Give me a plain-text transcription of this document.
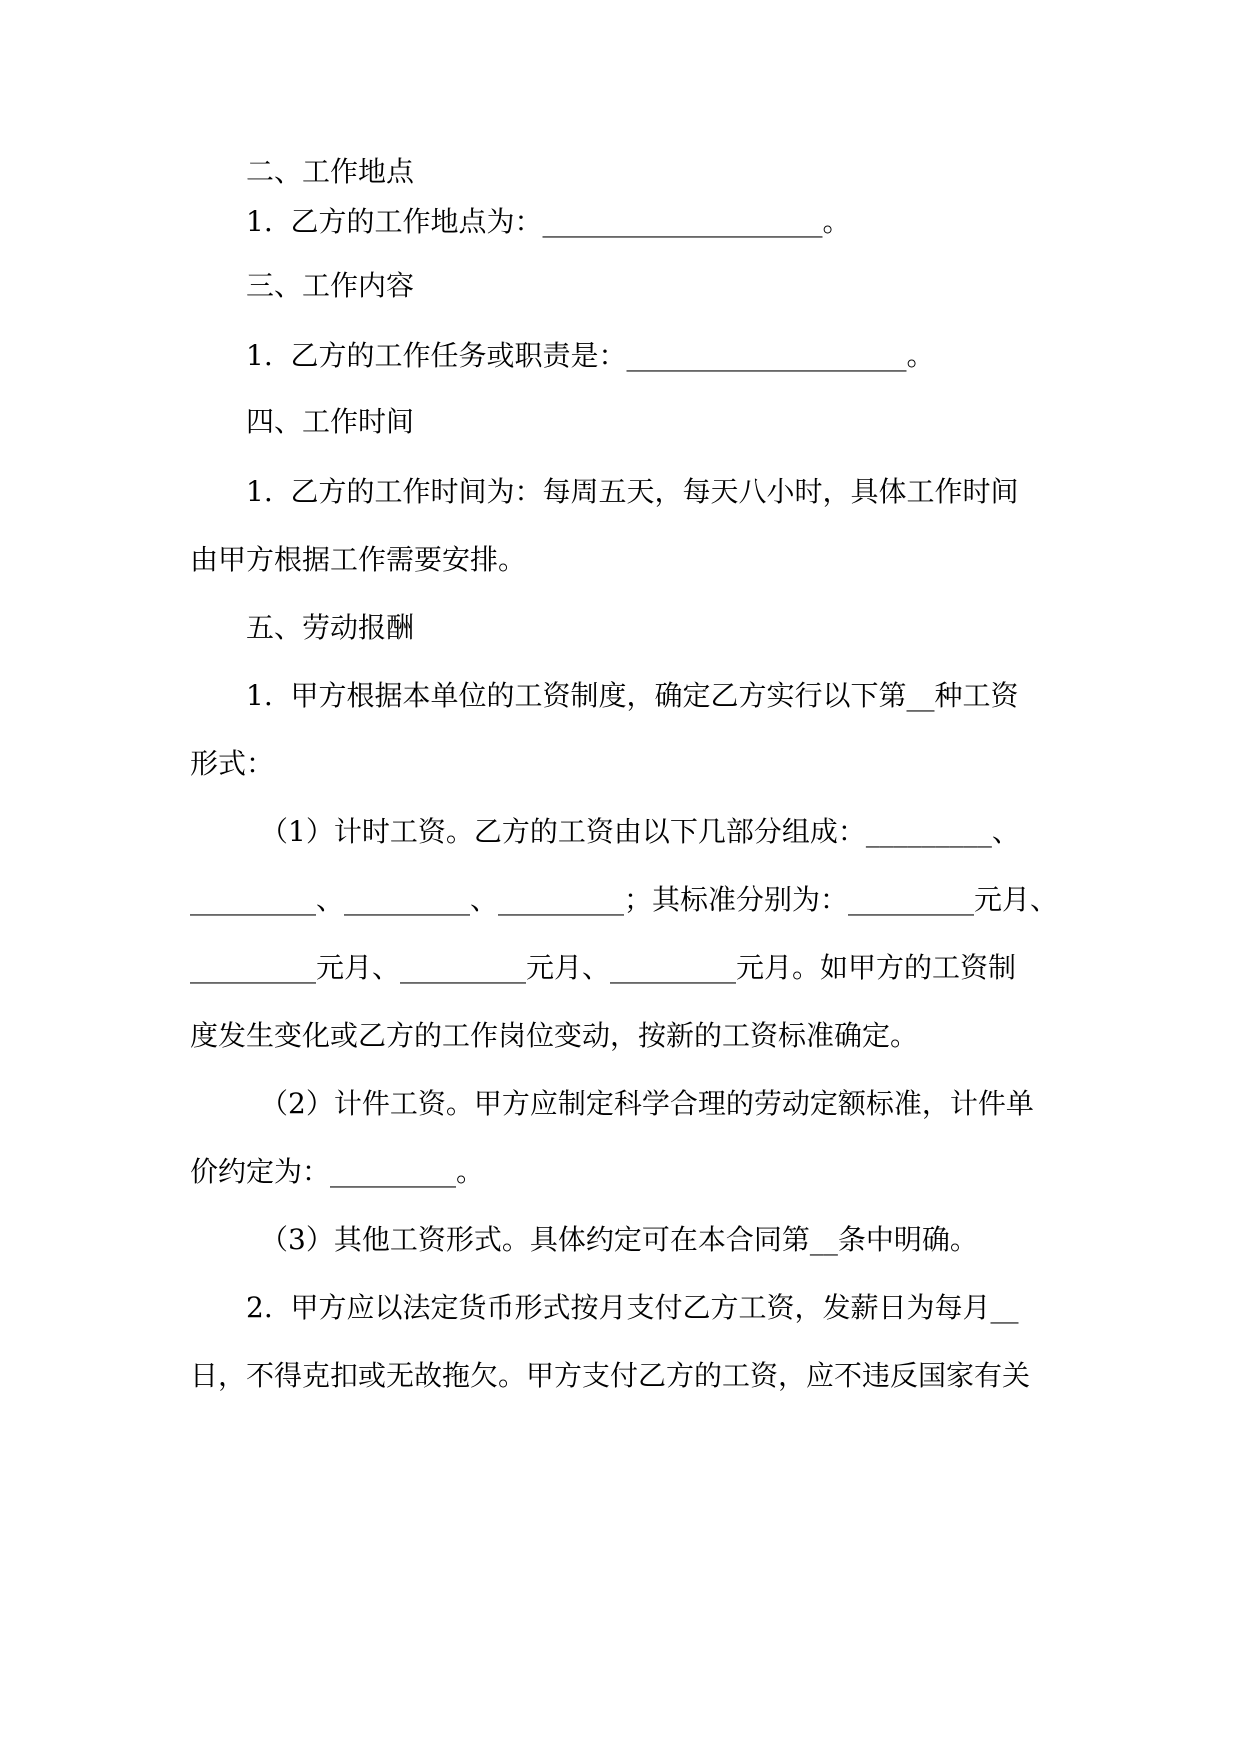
二、工作地点
1.  乙方的工作地点为：____________________。
三、工作内容
1.  乙方的工作任务或职责是：____________________。
四、工作时间
1.  乙方的工作时间为：每周五天，每天八小时，具体工作时间
由甲方根据工作需要安排。
五、劳动报酬
1.  甲方根据本单位的工资制度，确定乙方实行以下第__种工资
形式：
（1）计时工资。乙方的工资由以下几部分组成：_________、
_________、_________、_________；其标准分别为：_________元月、
_________元月、_________元月、_________元月。如甲方的工资制
度发生变化或乙方的工作岗位变动，按新的工资标准确定。
（2）计件工资。甲方应制定科学合理的劳动定额标准，计件单
价约定为：_________。
（3）其他工资形式。具体约定可在本合同第__条中明确。
2.  甲方应以法定货币形式按月支付乙方工资，发薪日为每月__
日，不得克扣或无故拖欠。甲方支付乙方的工资，应不违反国家有关
